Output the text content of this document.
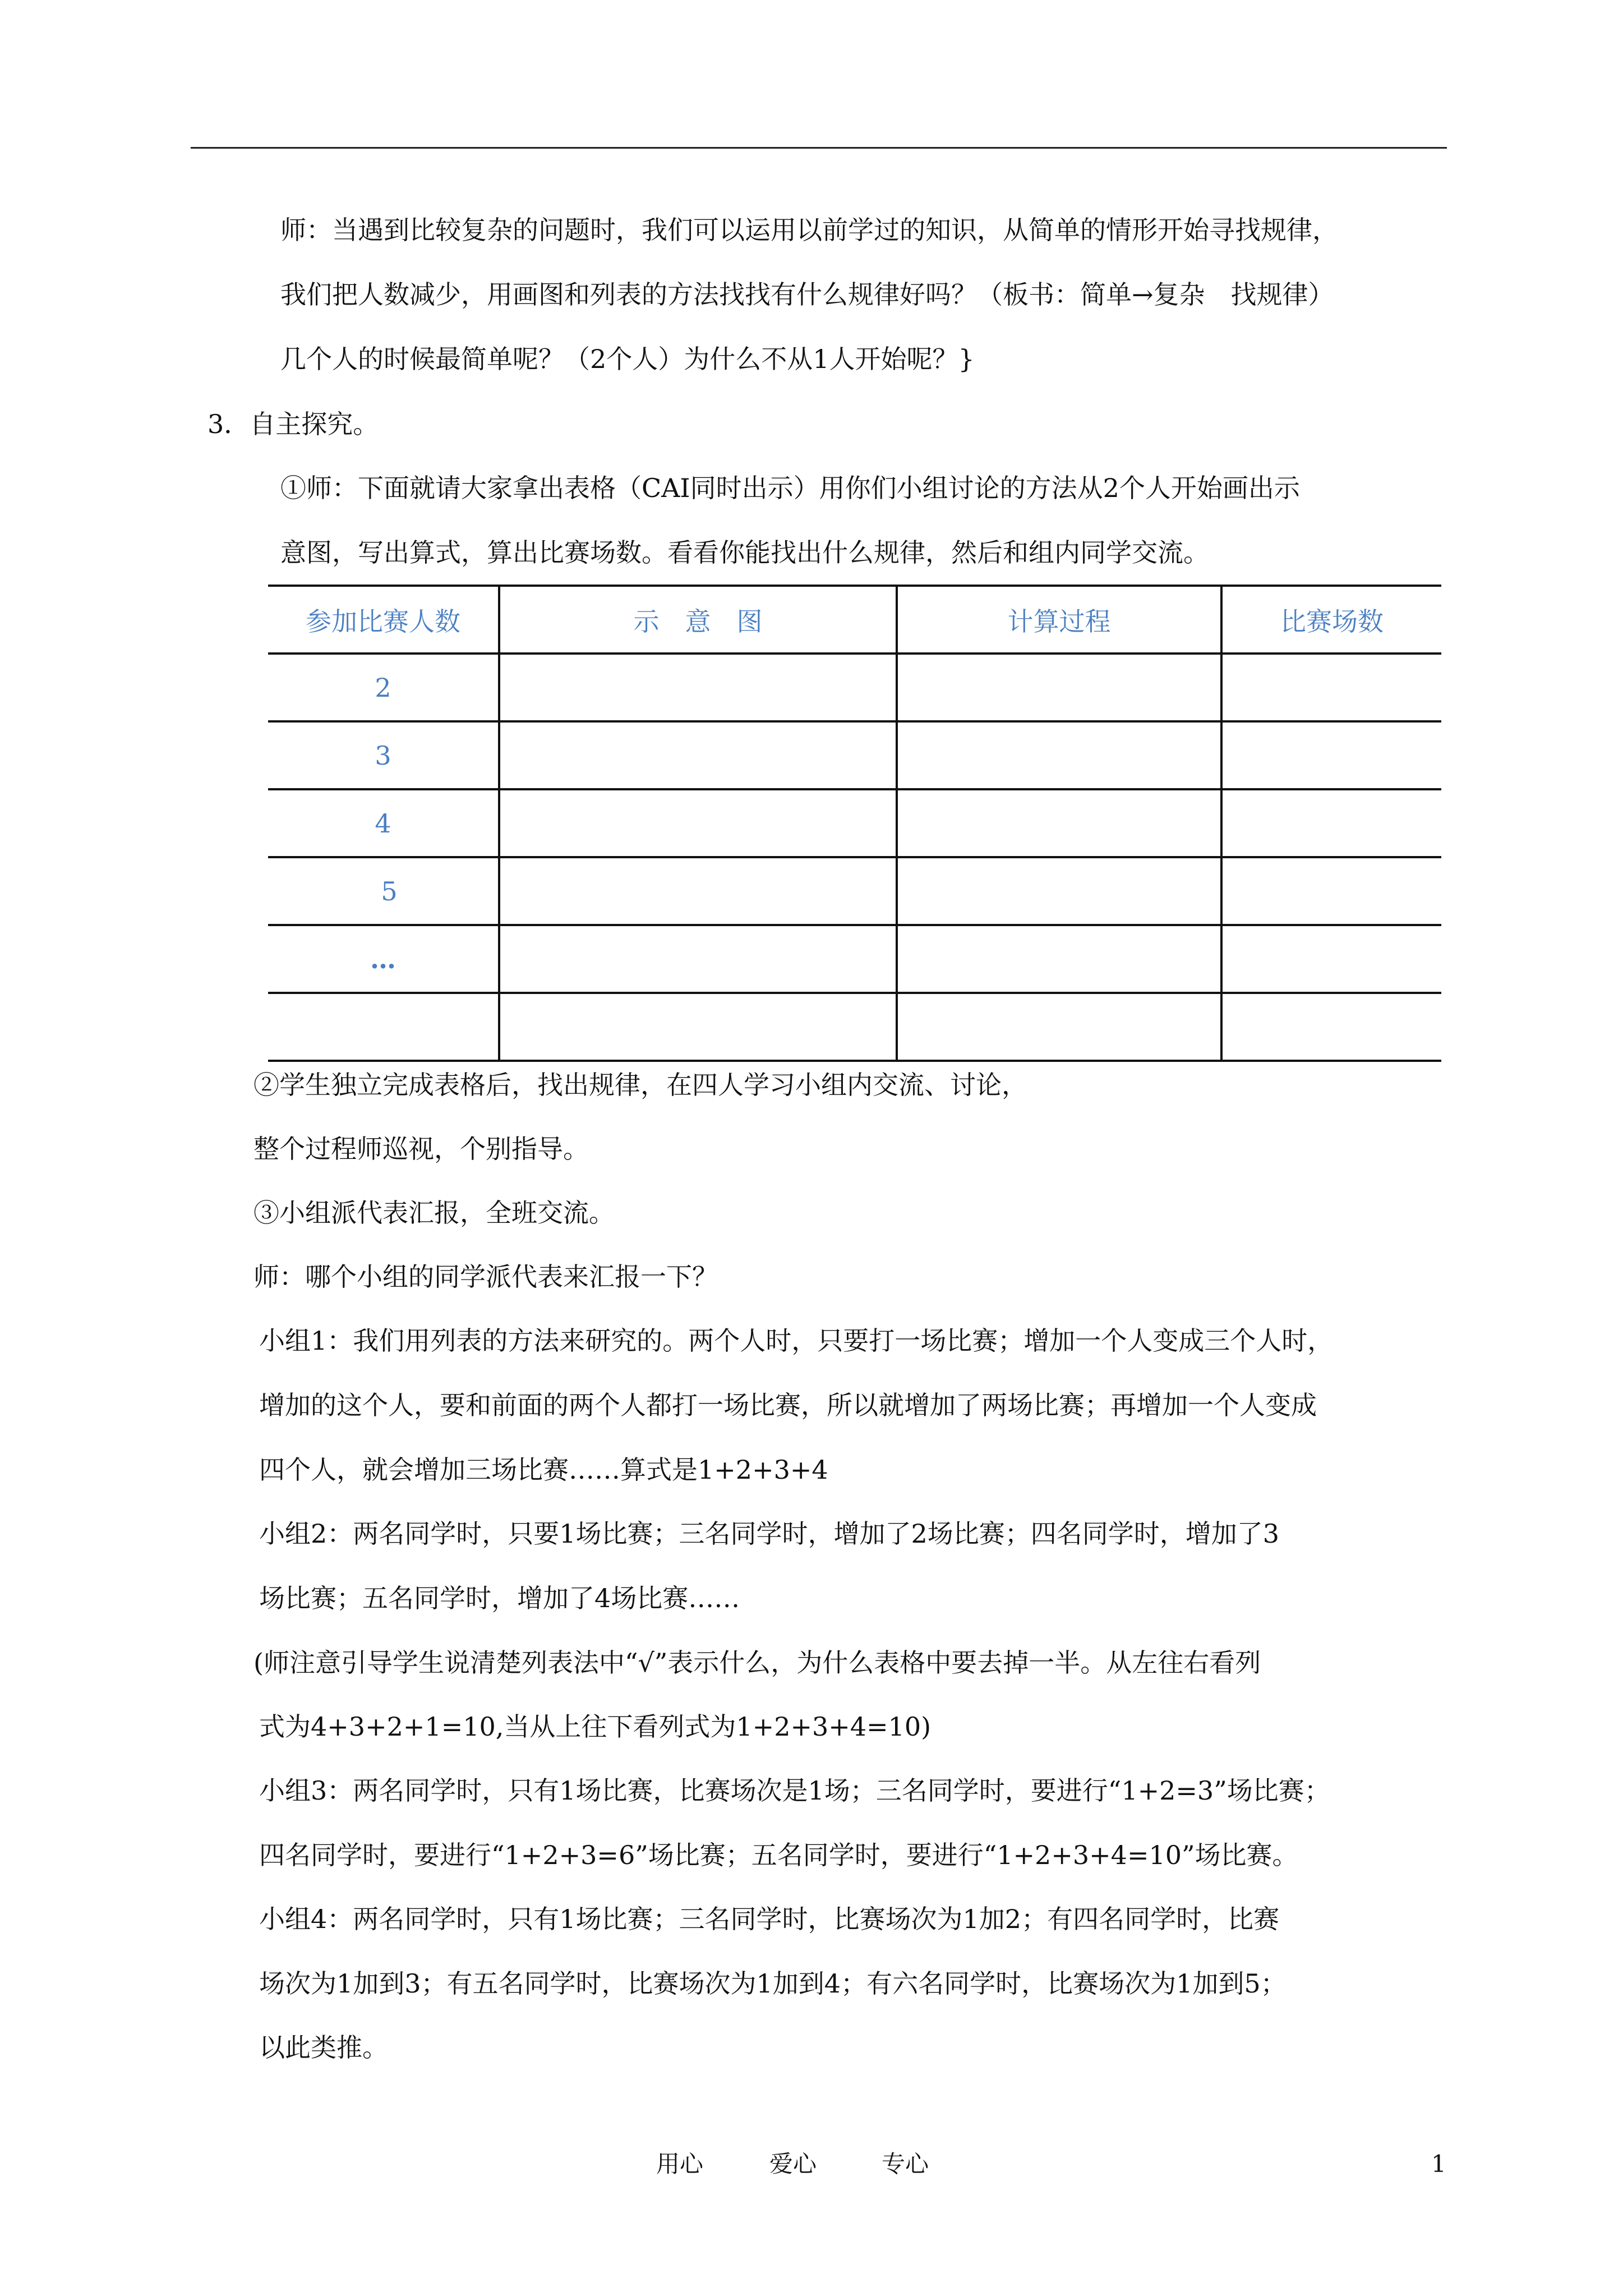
师：当遇到比较复杂的问题时，我们可以运用以前学过的知识，从简单的情形开始寻找规律，
我们把人数减少，用画图和列表的方法找找有什么规律好吗？（板书：简单→复杂　找规律）
几个人的时候最简单呢？（2个人）为什么不从1人开始呢？}
3．自主探究。
①师：下面就请大家拿出表格（CAI同时出示）用你们小组讨论的方法从2个人开始画出示
意图，写出算式，算出比赛场数。看看你能找出什么规律，然后和组内同学交流。
参加比赛人数	示　意　图	计算过程	比赛场数
2			
3			
4			
5			
…			

②学生独立完成表格后，找出规律，在四人学习小组内交流、讨论，
整个过程师巡视，个别指导。
③小组派代表汇报，全班交流。
师：哪个小组的同学派代表来汇报一下？
小组1：我们用列表的方法来研究的。两个人时，只要打一场比赛；增加一个人变成三个人时，
增加的这个人，要和前面的两个人都打一场比赛，所以就增加了两场比赛；再增加一个人变成
四个人，就会增加三场比赛……算式是1+2+3+4
小组2：两名同学时，只要1场比赛；三名同学时，增加了2场比赛；四名同学时，增加了3
场比赛；五名同学时，增加了4场比赛……
(师注意引导学生说清楚列表法中“√”表示什么，为什么表格中要去掉一半。从左往右看列
式为4+3+2+1=10,当从上往下看列式为1+2+3+4=10)
小组3：两名同学时，只有1场比赛，比赛场次是1场；三名同学时，要进行“1+2=3”场比赛；
四名同学时，要进行“1+2+3=6”场比赛；五名同学时，要进行“1+2+3+4=10”场比赛。
小组4：两名同学时，只有1场比赛；三名同学时，比赛场次为1加2；有四名同学时，比赛
场次为1加到3；有五名同学时，比赛场次为1加到4；有六名同学时，比赛场次为1加到5；
以此类推。
用心	爱心	专心	1
